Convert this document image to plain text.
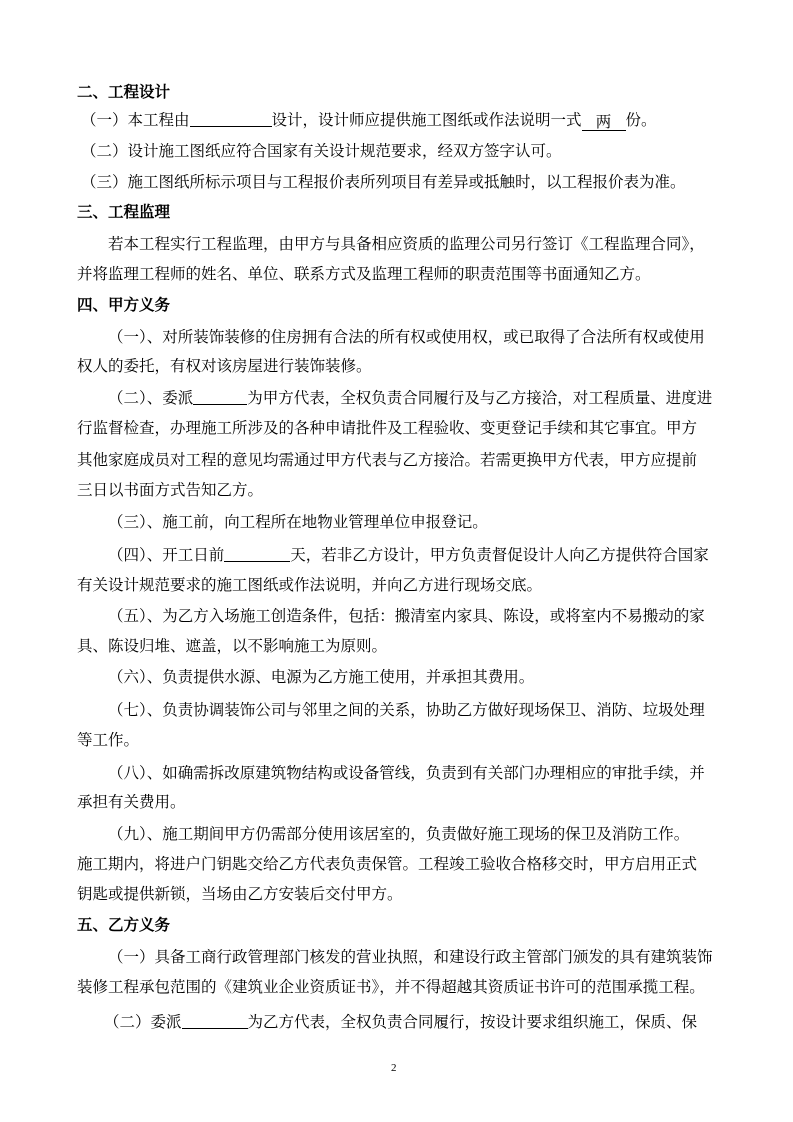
二、工程设计
（一）本工程由	设计，设计师应提供施工图纸或作法说明一式 两 份。
（二）设计施工图纸应符合国家有关设计规范要求，经双方签字认可。
（三）施工图纸所标示项目与工程报价表所列项目有差异或抵触时，以工程报价表为准。
三、工程监理
若本工程实行工程监理，由甲方与具备相应资质的监理公司另行签订《工程监理合同》，
并将监理工程师的姓名、单位、联系方式及监理工程师的职责范围等书面通知乙方。
四、甲方义务
（一）、对所装饰装修的住房拥有合法的所有权或使用权，或已取得了合法所有权或使用
权人的委托，有权对该房屋进行装饰装修。
（二）、委派	为甲方代表，全权负责合同履行及与乙方接洽，对工程质量、进度进
行监督检查，办理施工所涉及的各种申请批件及工程验收、变更登记手续和其它事宜。甲方
其他家庭成员对工程的意见均需通过甲方代表与乙方接洽。若需更换甲方代表，甲方应提前
三日以书面方式告知乙方。
（三）、施工前，向工程所在地物业管理单位申报登记。
（四）、开工日前	天，若非乙方设计，甲方负责督促设计人向乙方提供符合国家
有关设计规范要求的施工图纸或作法说明，并向乙方进行现场交底。
（五）、为乙方入场施工创造条件，包括：搬清室内家具、陈设，或将室内不易搬动的家
具、陈设归堆、遮盖，以不影响施工为原则。
（六）、负责提供水源、电源为乙方施工使用，并承担其费用。
（七）、负责协调装饰公司与邻里之间的关系，协助乙方做好现场保卫、消防、垃圾处理
等工作。
（八）、如确需拆改原建筑物结构或设备管线，负责到有关部门办理相应的审批手续，并
承担有关费用。
（九）、施工期间甲方仍需部分使用该居室的，负责做好施工现场的保卫及消防工作。
施工期内，将进户门钥匙交给乙方代表负责保管。工程竣工验收合格移交时，甲方启用正式
钥匙或提供新锁，当场由乙方安装后交付甲方。
五、乙方义务
（一）具备工商行政管理部门核发的营业执照，和建设行政主管部门颁发的具有建筑装饰
装修工程承包范围的《建筑业企业资质证书》，并不得超越其资质证书许可的范围承揽工程。
（二）委派	为乙方代表，全权负责合同履行，按设计要求组织施工，保质、保
2
